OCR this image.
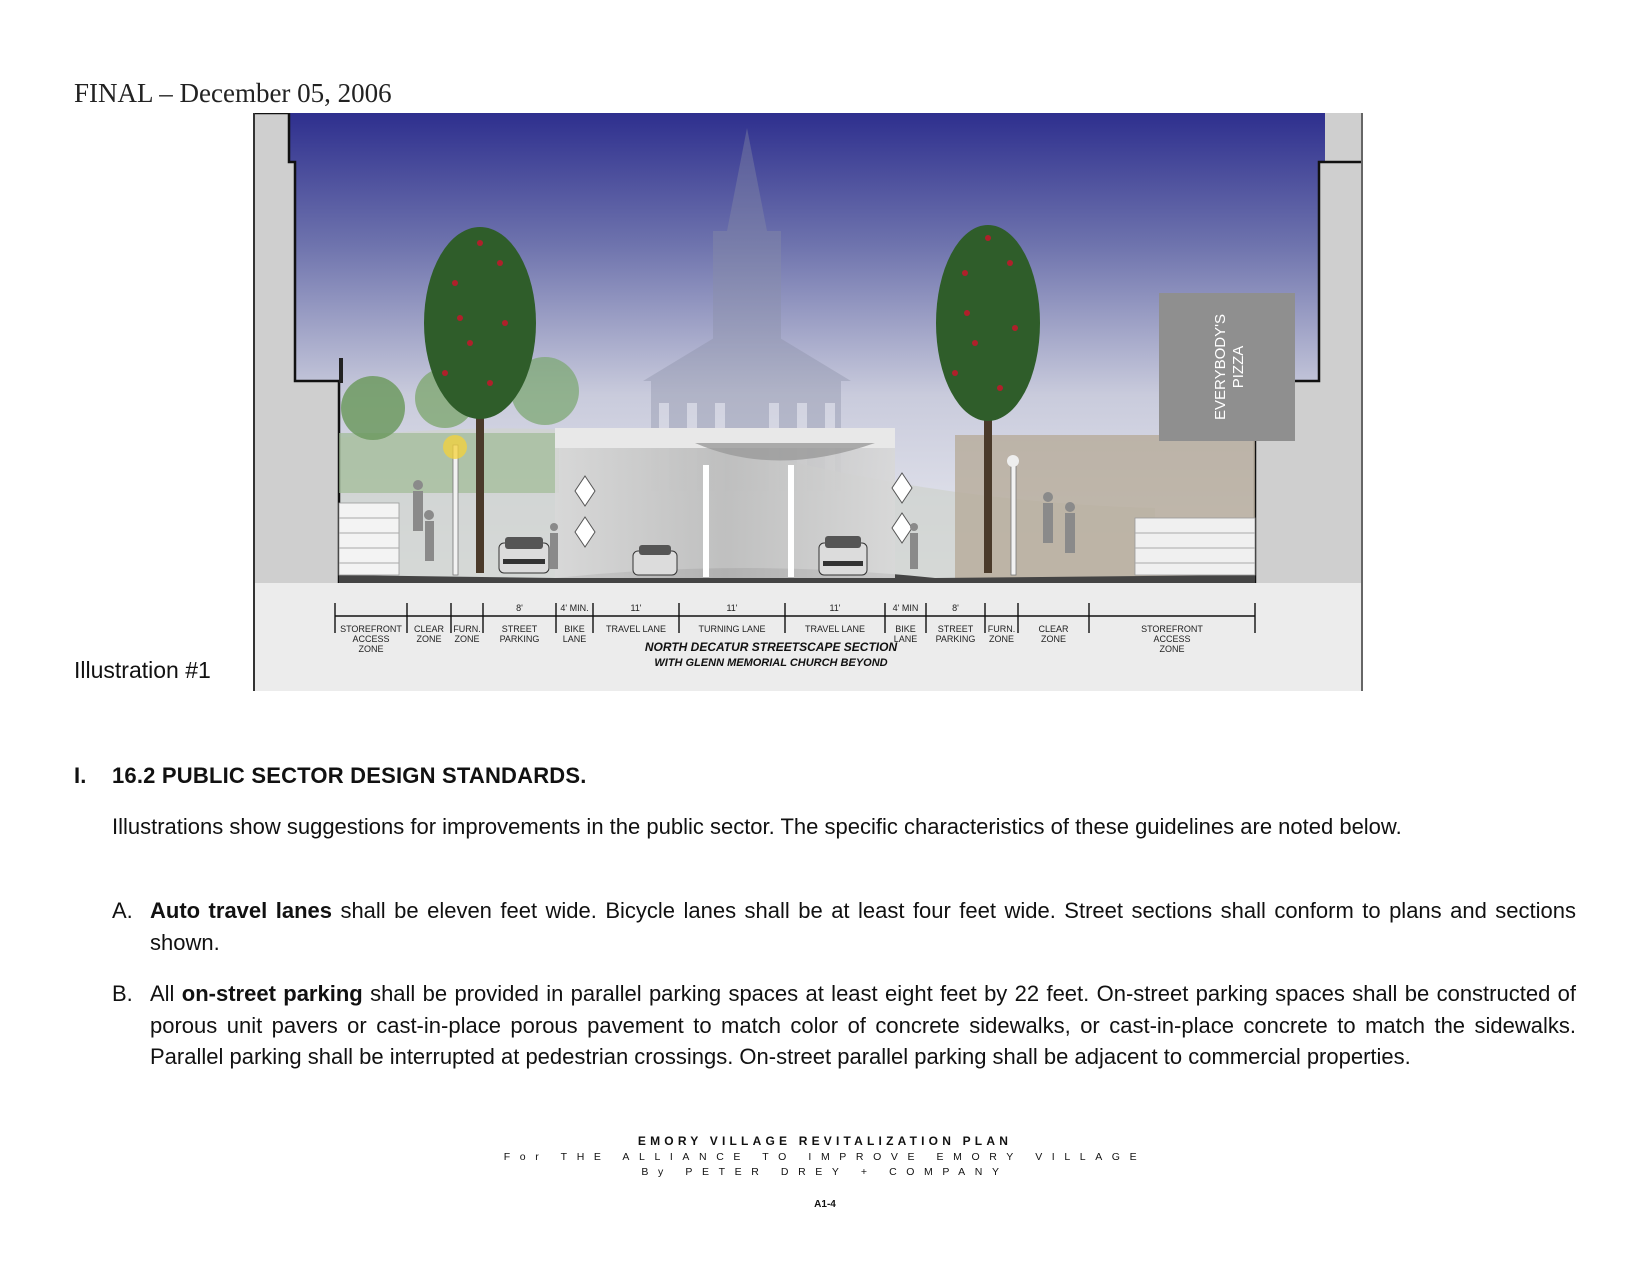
FINAL – December 05, 2006
EVERYBODY'S PIZZA
8'	4' MIN.	11'	11'	11'	4' MIN	8'
STOREFRONT
ACCESS
ZONE
CLEAR
ZONE
FURN.
ZONE
STREET
PARKING
BIKE
LANE
TRAVEL LANE	TURNING LANE	TRAVEL LANE	BIKE
LANE
STREET
PARKING
FURN.
ZONE
CLEAR
ZONE
STOREFRONT
ACCESS
ZONE
NORTH DECATUR STREETSCAPE SECTION
WITH GLENN MEMORIAL CHURCH BEYOND
Illustration #1
I. 16.2 PUBLIC SECTOR DESIGN STANDARDS.
Illustrations show suggestions for improvements in the public sector. The specific characteristics of these guidelines are noted below.
A. Auto travel lanes shall be eleven feet wide. Bicycle lanes shall be at least four feet wide. Street sections shall conform to plans and sections shown.
B. All on-street parking shall be provided in parallel parking spaces at least eight feet by 22 feet. On-street parking spaces shall be constructed of porous unit pavers or cast-in-place porous pavement to match color of concrete sidewalks, or cast-in-place concrete to match the sidewalks. Parallel parking shall be interrupted at pedestrian crossings. On-street parallel parking shall be adjacent to commercial properties.
EMORY VILLAGE REVITALIZATION PLAN
For THE ALLIANCE TO IMPROVE EMORY VILLAGE
By PETER DREY + COMPANY
A1-4
